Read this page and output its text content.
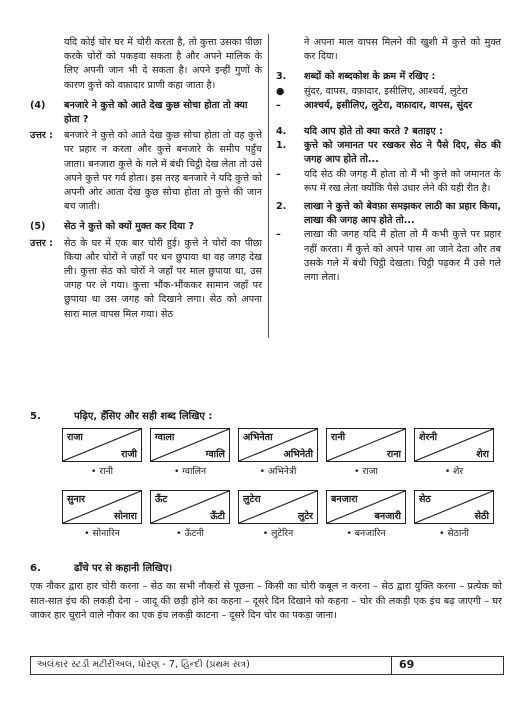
यदि कोई चोर घर में चोरी करता है, तो कुत्ता उसका पीछा करके चोरों को पकड़वा सकता है और अपने मालिक के लिए अपनी जान भी दे सकता है। अपने इन्हीं गुणों के कारण कुत्ते को वफ़ादार प्राणी कहा जाता है।

(4)	बनजारे ने कुत्ते को आते देख कुछ सोचा होता तो क्या होता ?
उत्तर :	बनजारे ने कुत्ते को आते देख कुछ सोचा होता तो वह कुत्ते पर प्रहार न करता और कुत्ते बनजारे के समीप पहुँच जाता। बनजारा कुत्ते के गले में बंधी चिट्ठी देख लेता तो उसे अपने कुत्ते पर गर्व होता। इस तरह बनजारे ने यदि कुत्ते को अपनी ओर आता देख कुछ सोचा होता तो कुत्ते की जान बच जाती।
(5)	सेठ ने कुत्ते को क्यों मुक्त कर दिया ?
उत्तर :	सेठ के घर में एक बार चोरी हुई। कुत्ते ने चोरों का पीछा किया और चोरों ने जहाँ पर धन छुपाया था वह जगह देख ली। कुत्ता सेठ को चोरों ने जहाँ पर माल छुपाया था, उस जगह पर ले गया। कुत्ता भौंक-भौंककर सामान जहाँ पर छुपाया था उस जगह को दिखाने लगा। सेठ को अपना सारा माल वापस मिल गया। सेठ
ने अपना माल वापस मिलने की खुशी में कुत्ते को मुक्त कर दिया।
3.	शब्दों को शब्दकोश के क्रम में रखिए :
●	सुंदर, वापस, वफ़ादार, इसीलिए, आश्चर्य, लुटेरा
–	आश्चर्य, इसीलिए, लुटेरा, वफ़ादार, वापस, सुंदर
4.	यदि आप होते तो क्या करते ? बताइए :
1.	कुत्ते को जमानत पर रखकर सेठ ने पैसे दिए, सेठ की जगह आप होते तो...
–	यदि सेठ की जगह मैं होता तो मैं भी कुत्ते को जमानत के रूप में रख लेता क्योंकि पैसे उधार लेने की यही रीत है।
2.	लाखा ने कुत्ते को बेवफ़ा समझकर लाठी का प्रहार किया, लाखा की जगह आप होते तो...
–	लाखा की जगह यदि मैं होता तो मैं कभी कुत्ते पर प्रहार नहीं करता। मैं कुत्ते को अपने पास आ जाने देता और तब उसके गले में बंधी चिट्ठी देखता। चिट्ठी पढ़कर मैं उसे गले लगा लेता।
5.	पढ़िए, हँसिए और सही शब्द लिखिए :
राजा
राजी
• रानी
ग्वाला
ग्वालि
• ग्वालिन
अभिनेता
अभिनेती
• अभिनेत्री
रानी
राना
• राजा
शेरनी
शेरा
• शेर
सुनार
सोनारा
• सोनारिन
ऊँट
ऊँटी
• ऊँटनी
लुटेरा
लुटेर
• लुटेरिन
बनजारा
बनजारी
• बनजारिन
सेठ
सेठी
• सेठानी
6.	ढाँचे पर से कहानी लिखिए।
एक नौकर द्वारा हार चोरी करना – सेठ का सभी नौकरों से पूछना – किसी का चोरी कबूल न करना – सेठ द्वारा युक्ति करना – प्रत्येक को सात-सात इंच की लकड़ी देना – जादू की छड़ी होने का कहना – दूसरे दिन दिखाने को कहना – चोर की लकड़ी एक इंच बढ़ जाएगी – घर जाकर हार चुराने वाले नौकर का एक इंच लकड़ी काटना – दूसरे दिन चोर का पकड़ा जाना।
અલંકાર સ્ટડી મટીરીઅલ, ધોરણ - 7, હિન્દી (પ્રથમ સત્ર)	69
